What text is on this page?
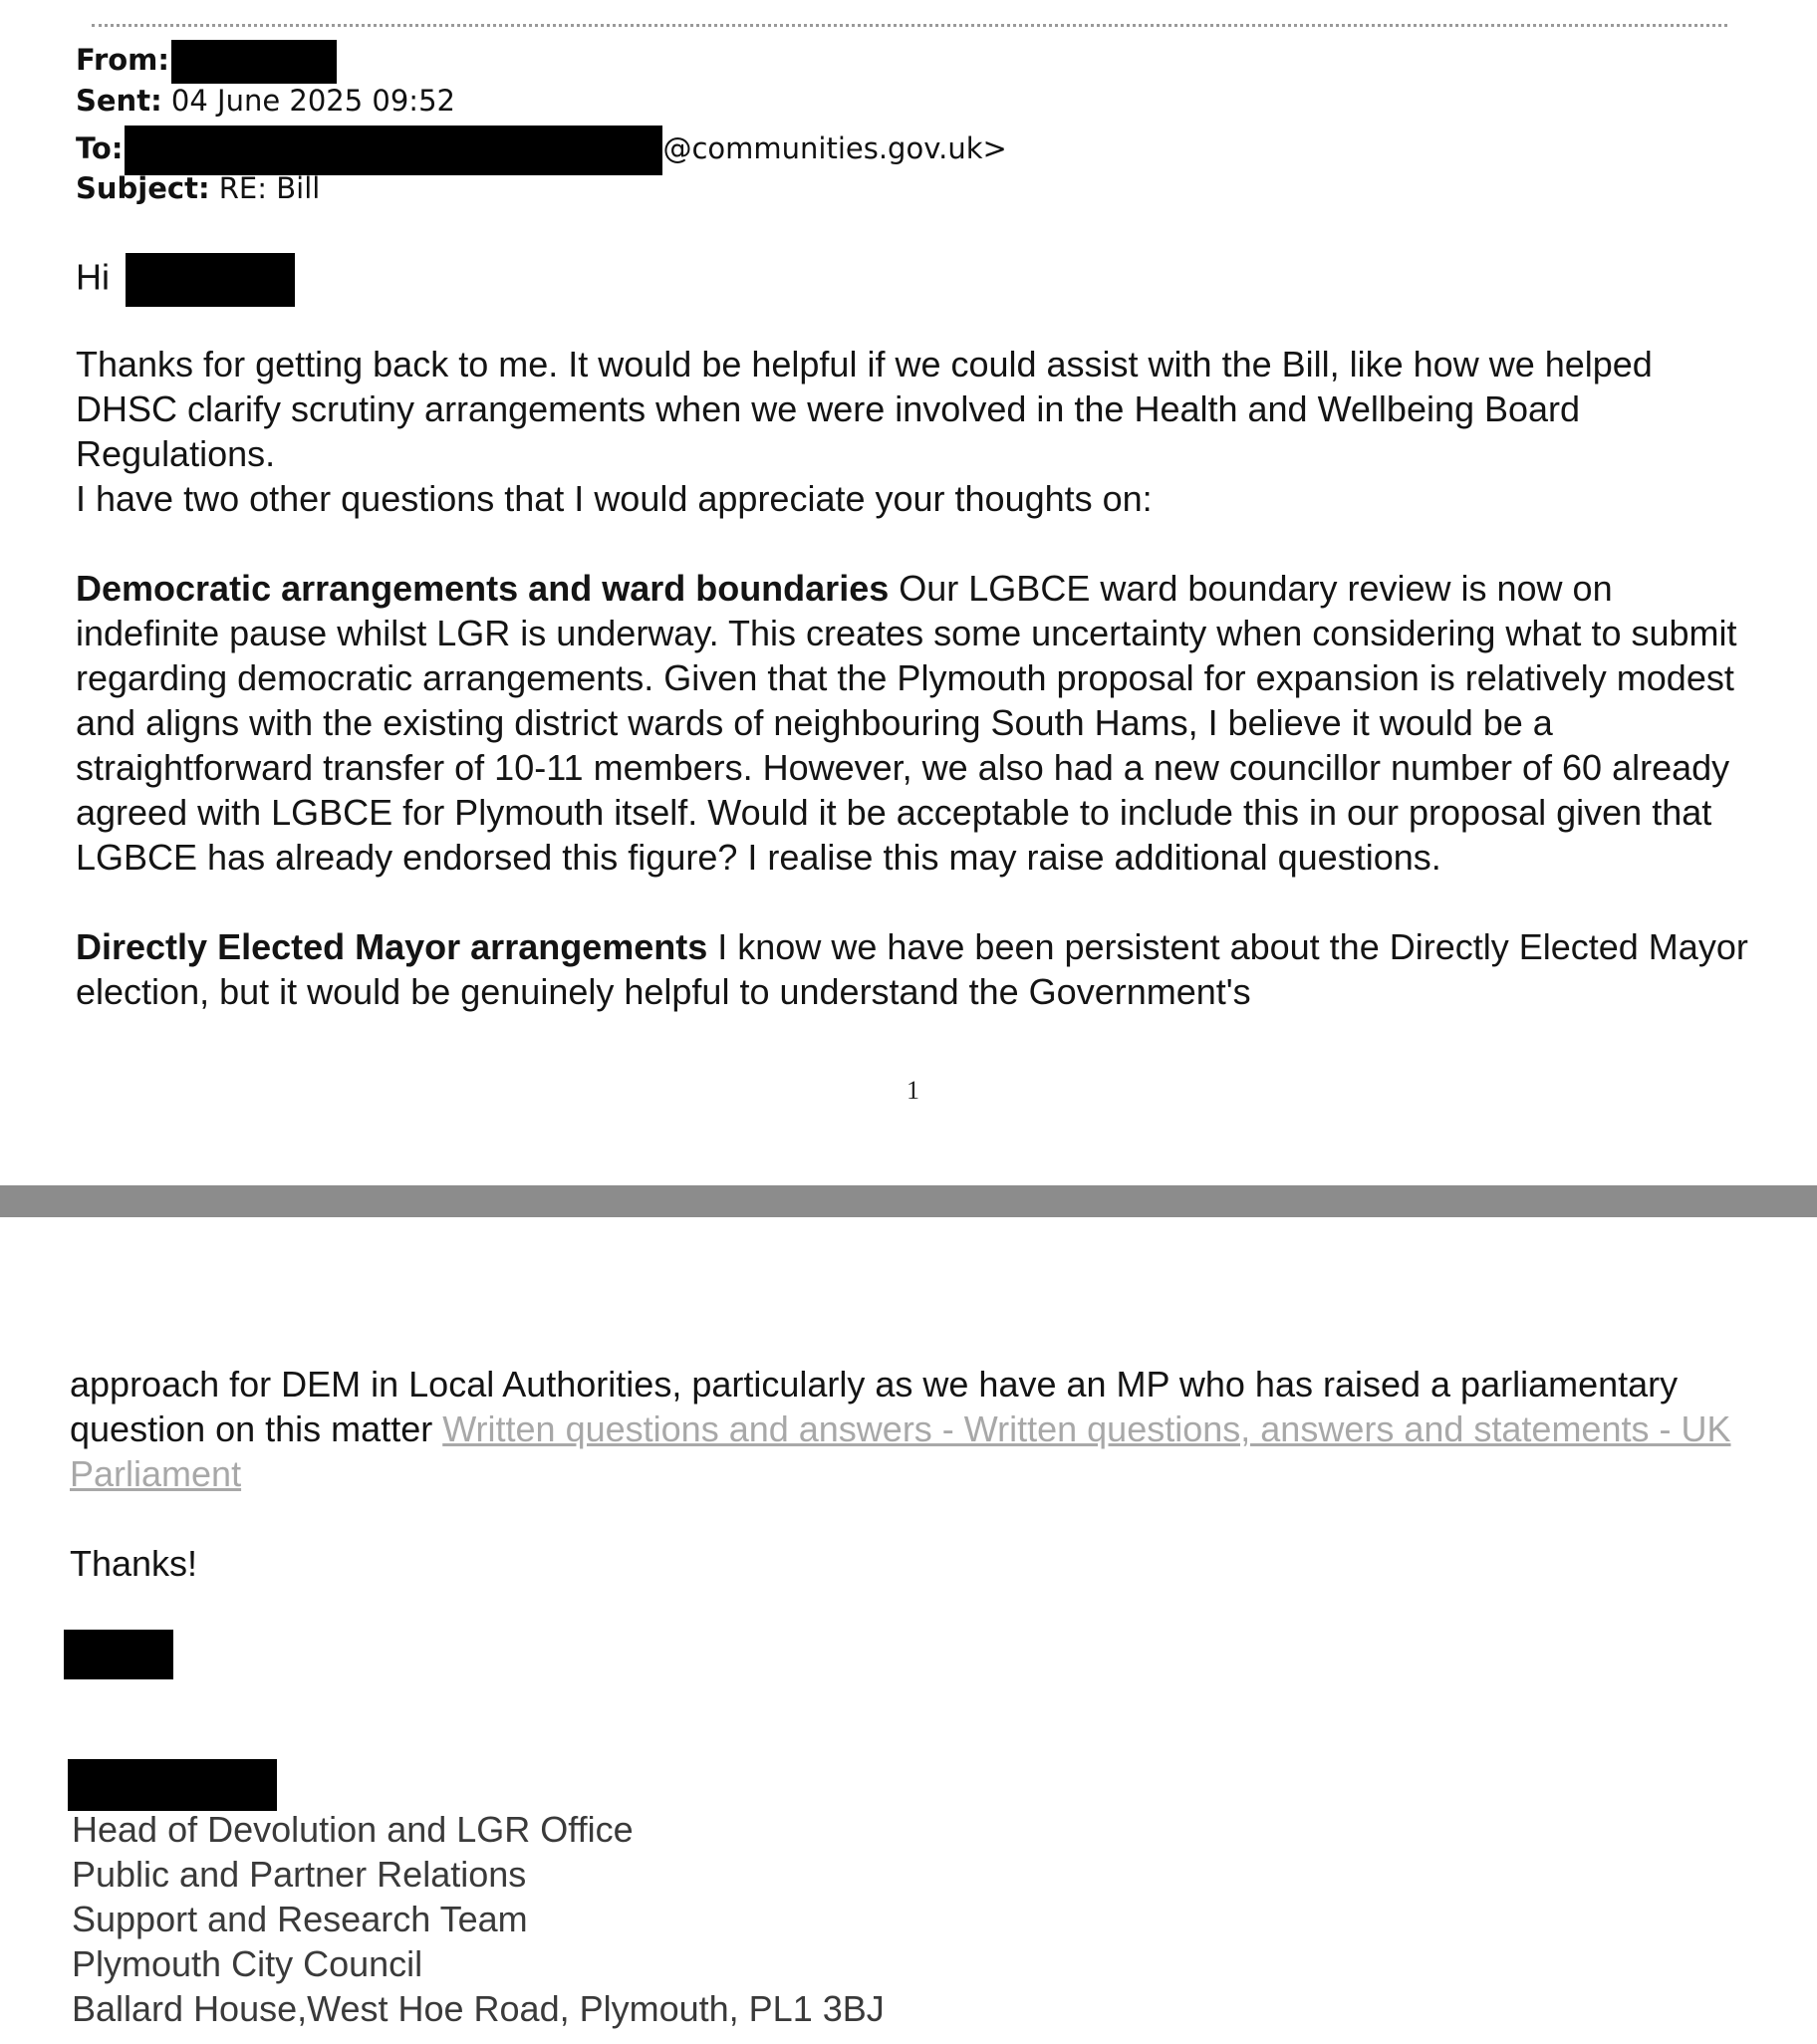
From:
Sent: 04 June 2025 09:52
To:	@communities.gov.uk>
Subject: RE: Bill
Hi

Thanks for getting back to me. It would be helpful if we could assist with the Bill, like how we helped DHSC clarify scrutiny arrangements when we were involved in the Health and Wellbeing Board Regulations.

I have two other questions that I would appreciate your thoughts on:

Democratic arrangements and ward boundaries Our LGBCE ward boundary review is now on indefinite pause whilst LGR is underway. This creates some uncertainty when considering what to submit regarding democratic arrangements. Given that the Plymouth proposal for expansion is relatively modest and aligns with the existing district wards of neighbouring South Hams, I believe it would be a straightforward transfer of 10-11 members. However, we also had a new councillor number of 60 already agreed with LGBCE for Plymouth itself. Would it be acceptable to include this in our proposal given that LGBCE has already endorsed this figure? I realise this may raise additional questions.

Directly Elected Mayor arrangements I know we have been persistent about the Directly Elected Mayor election, but it would be genuinely helpful to understand the Government's

1
approach for DEM in Local Authorities, particularly as we have an MP who has raised a parliamentary question on this matter Written questions and answers - Written questions, answers and statements - UK Parliament
Thanks!
Head of Devolution and LGR Office
Public and Partner Relations
Support and Research Team
Plymouth City Council
Ballard House,West Hoe Road, Plymouth, PL1 3BJ
